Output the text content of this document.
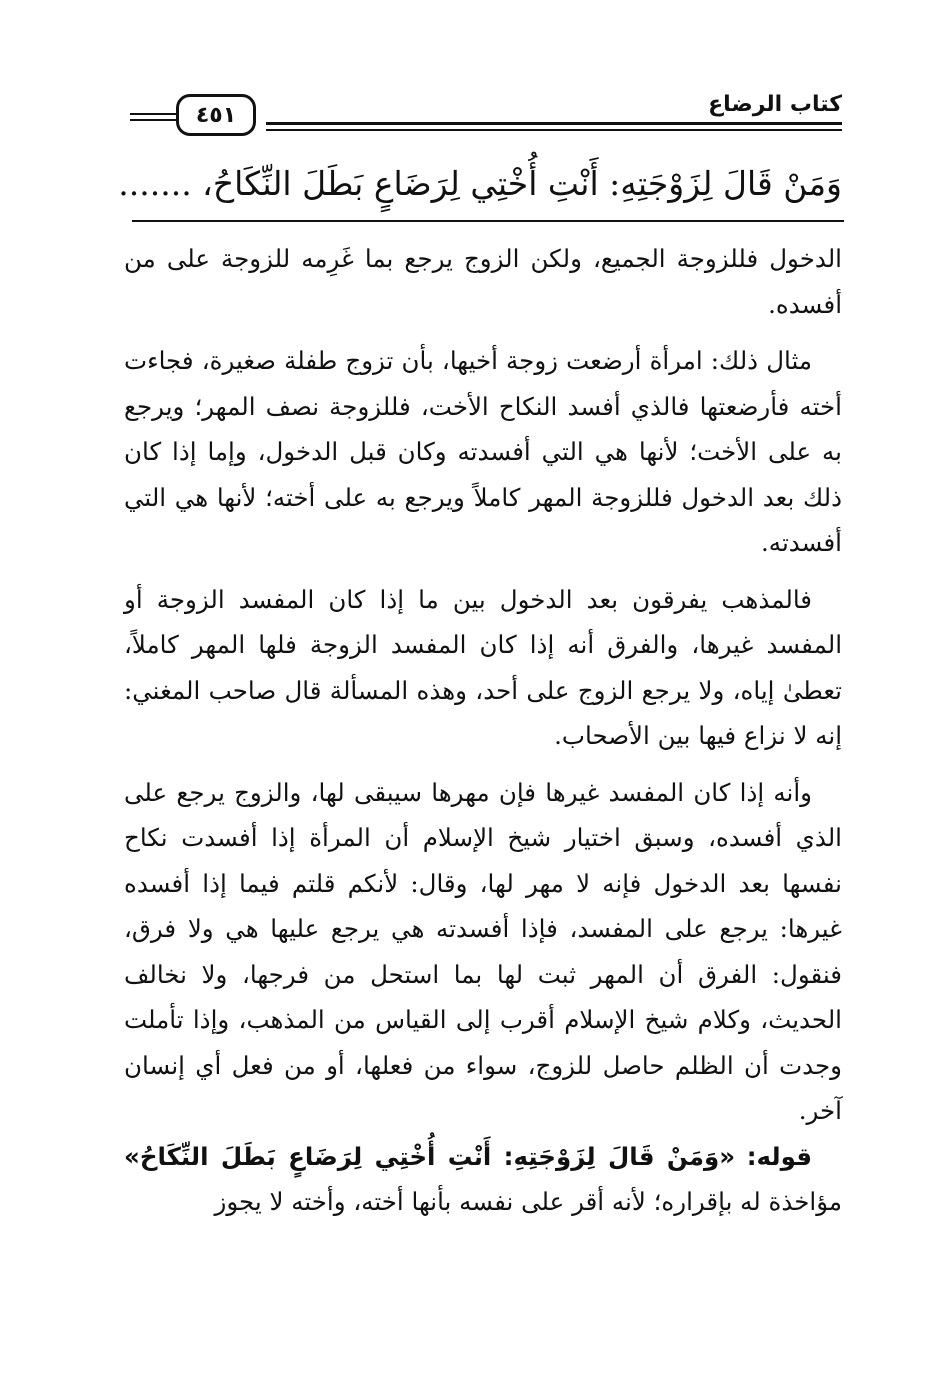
كتاب الرضاع
٤٥١
وَمَنْ قَالَ لِزَوْجَتِهِ: أَنْتِ أُخْتِي لِرَضَاعٍ بَطَلَ النِّكَاحُ، .......

الدخول فللزوجة الجميع، ولكن الزوج يرجع بما غَرِمه للزوجة على من أفسده.

مثال ذلك: امرأة أرضعت زوجة أخيها، بأن تزوج طفلة صغيرة، فجاءت أخته فأرضعتها فالذي أفسد النكاح الأخت، فللزوجة نصف المهر؛ ويرجع به على الأخت؛ لأنها هي التي أفسدته وكان قبل الدخول، وإما إذا كان ذلك بعد الدخول فللزوجة المهر كاملاً ويرجع به على أخته؛ لأنها هي التي أفسدته.

فالمذهب يفرقون بعد الدخول بين ما إذا كان المفسد الزوجة أو المفسد غيرها، والفرق أنه إذا كان المفسد الزوجة فلها المهر كاملاً، تعطىٰ إياه، ولا يرجع الزوج على أحد، وهذه المسألة قال صاحب المغني: إنه لا نزاع فيها بين الأصحاب.

وأنه إذا كان المفسد غيرها فإن مهرها سيبقى لها، والزوج يرجع على الذي أفسده، وسبق اختيار شيخ الإسلام أن المرأة إذا أفسدت نكاح نفسها بعد الدخول فإنه لا مهر لها، وقال: لأنكم قلتم فيما إذا أفسده غيرها: يرجع على المفسد، فإذا أفسدته هي يرجع عليها هي ولا فرق، فنقول: الفرق أن المهر ثبت لها بما استحل من فرجها، ولا نخالف الحديث، وكلام شيخ الإسلام أقرب إلى القياس من المذهب، وإذا تأملت وجدت أن الظلم حاصل للزوج، سواء من فعلها، أو من فعل أي إنسان آخر.

قوله: «وَمَنْ قَالَ لِزَوْجَتِهِ: أَنْتِ أُخْتِي لِرَضَاعٍ بَطَلَ النِّكَاحُ» مؤاخذة له بإقراره؛ لأنه أقر على نفسه بأنها أخته، وأخته لا يجوز
